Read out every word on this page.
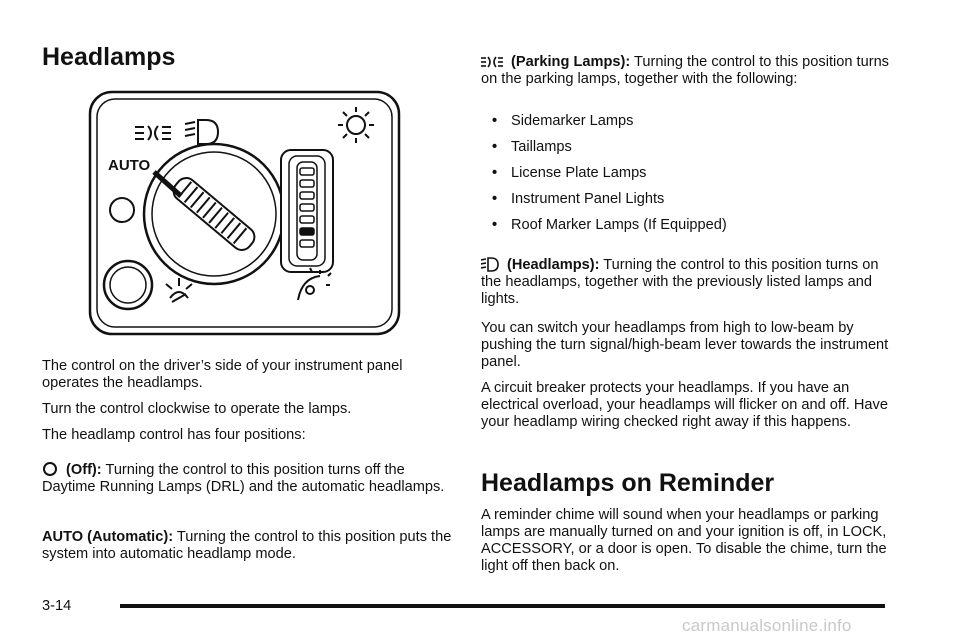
Headlamps
AUTO

The control on the driver’s side of your instrument panel operates the headlamps.

Turn the control clockwise to operate the lamps.

The headlamp control has four positions:

(Off): Turning the control to this position turns off the Daytime Running Lamps (DRL) and the automatic headlamps.

AUTO (Automatic): Turning the control to this position puts the system into automatic headlamp mode.

(Parking Lamps): Turning the control to this position turns on the parking lamps, together with the following:

• Sidemarker Lamps
• Taillamps
• License Plate Lamps
• Instrument Panel Lights
• Roof Marker Lamps (If Equipped)

(Headlamps): Turning the control to this position turns on the headlamps, together with the previously listed lamps and lights.

You can switch your headlamps from high to low-beam by pushing the turn signal/high-beam lever towards the instrument panel.

A circuit breaker protects your headlamps. If you have an electrical overload, your headlamps will flicker on and off. Have your headlamp wiring checked right away if this happens.

Headlamps on Reminder

A reminder chime will sound when your headlamps or parking lamps are manually turned on and your ignition is off, in LOCK, ACCESSORY, or a door is open. To disable the chime, turn the light off then back on.

3-14
carmanualsonline.info
